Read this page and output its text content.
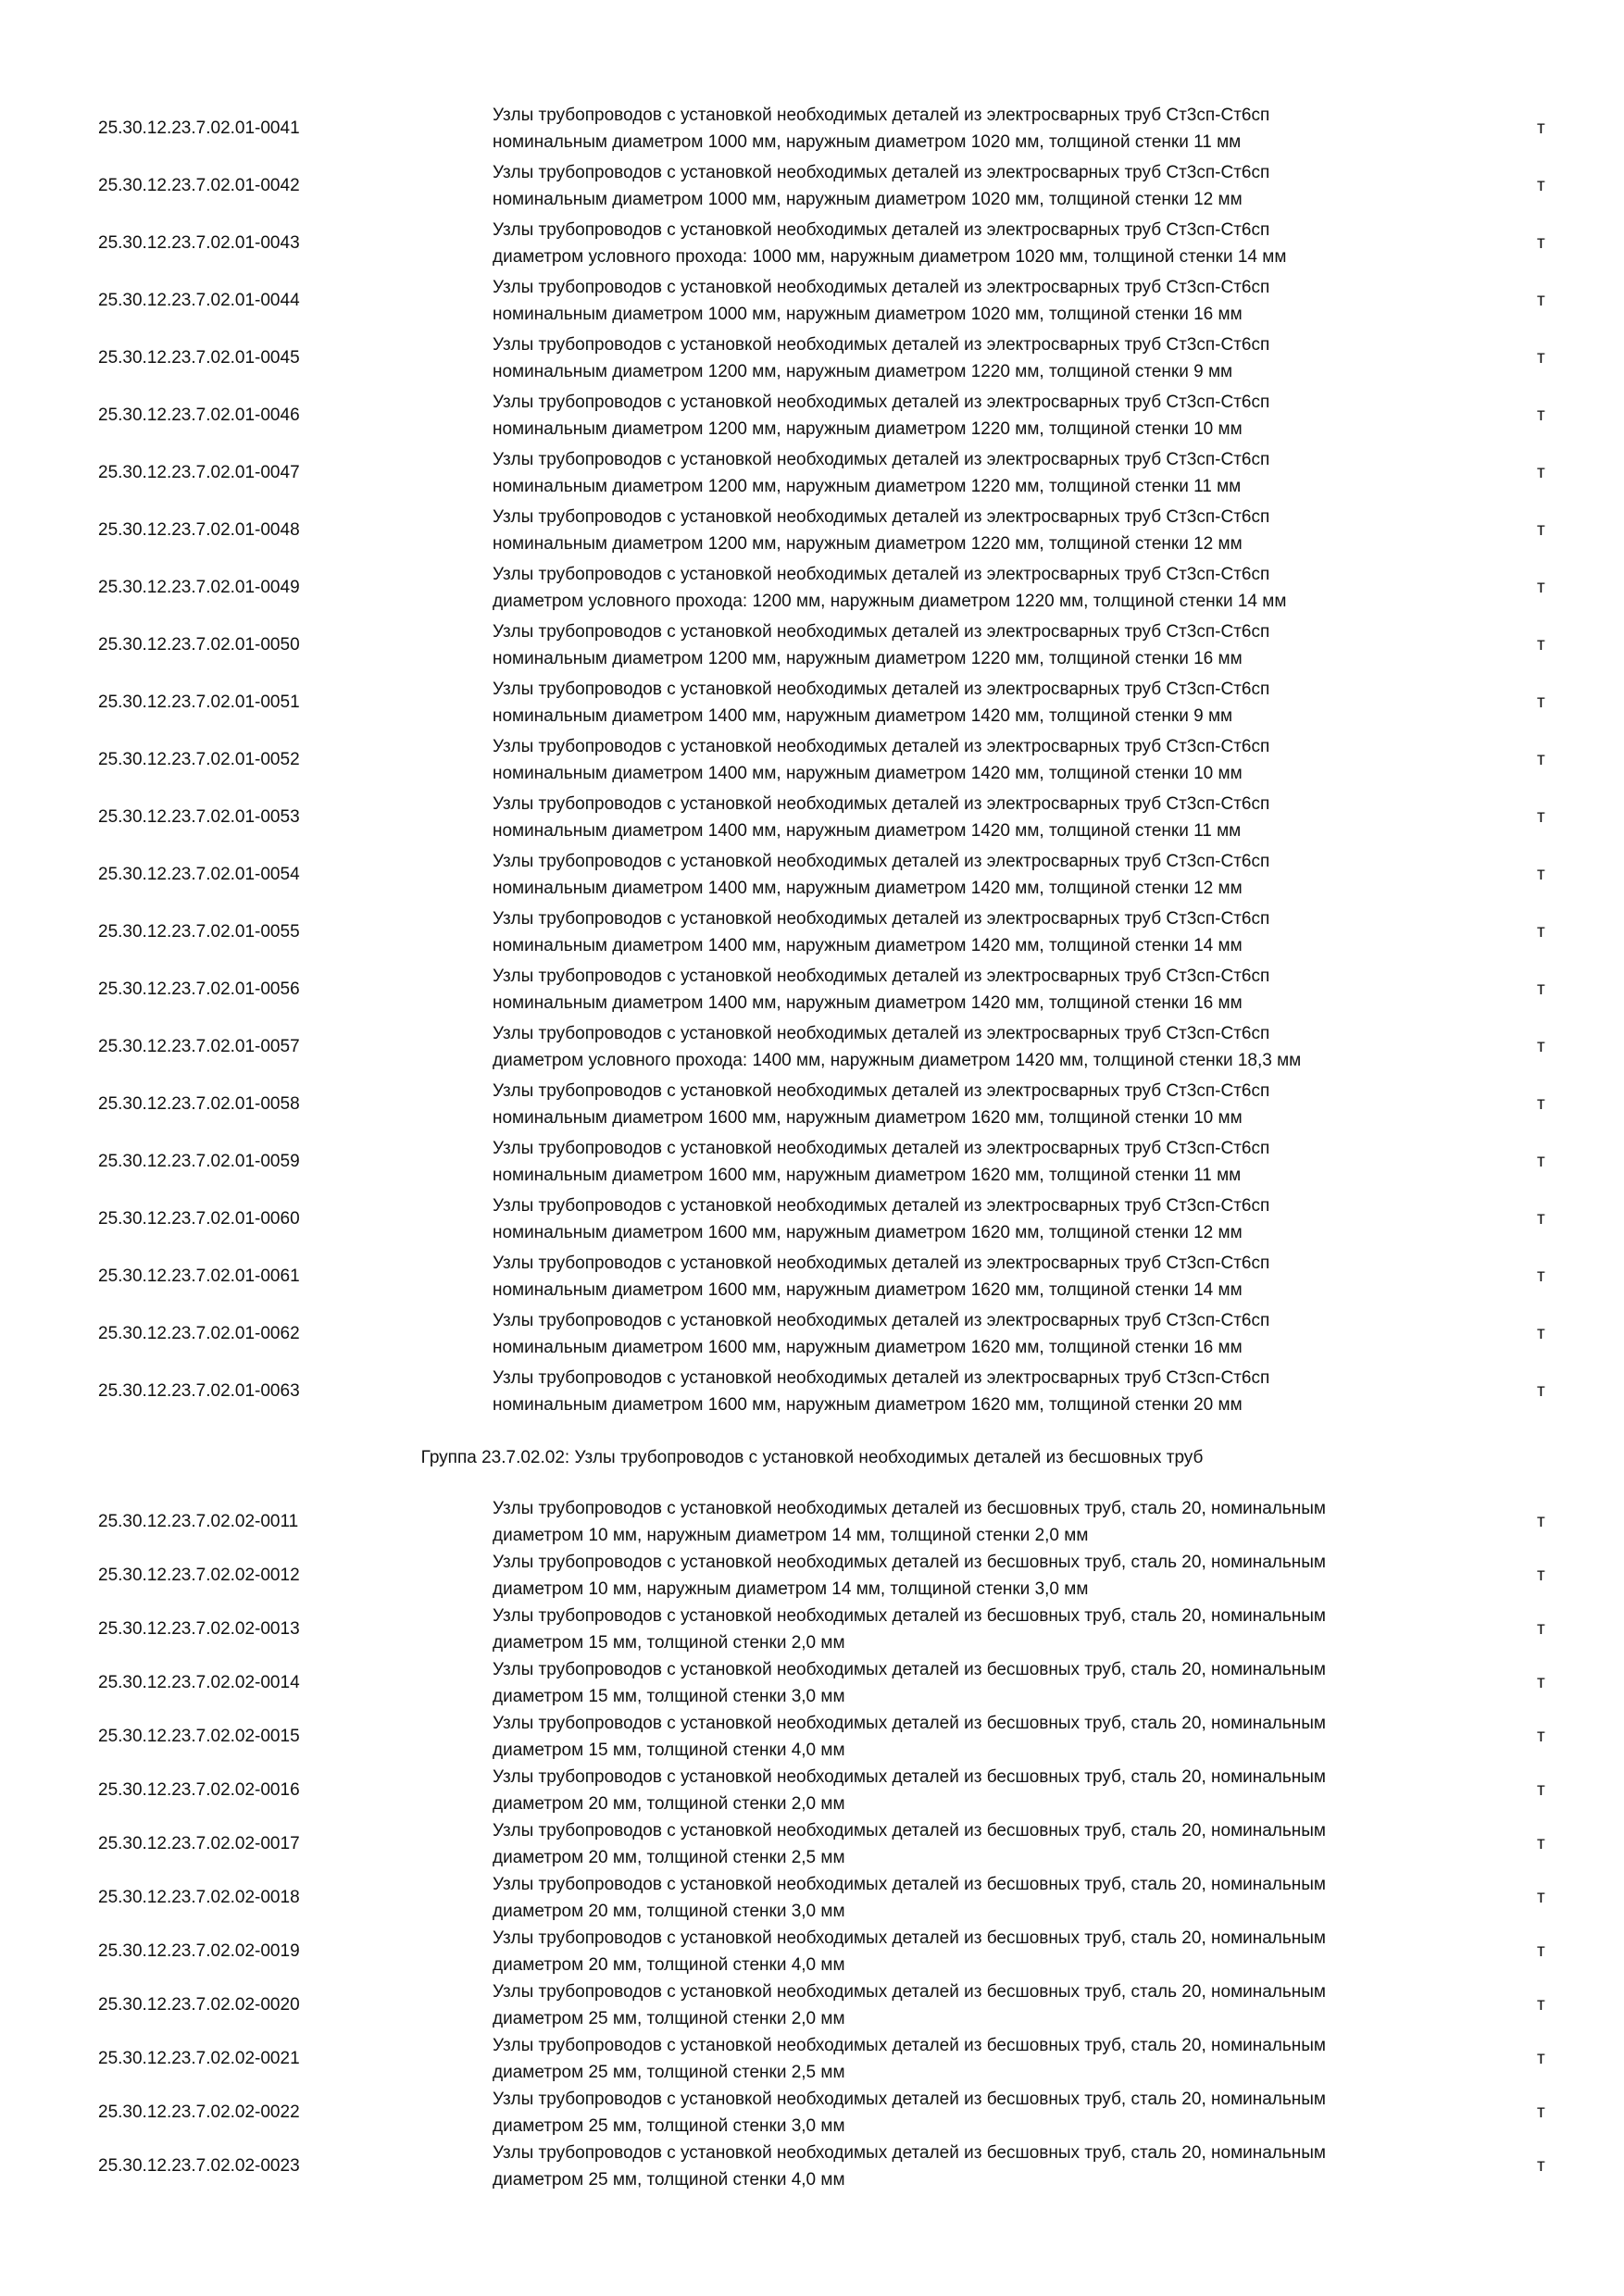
25.30.12.23.7.02.01-0041
Узлы трубопроводов с установкой необходимых деталей из электросварных труб Ст3сп-Ст6сп
номинальным диаметром 1000 мм, наружным диаметром 1020 мм, толщиной стенки 11 мм
т
25.30.12.23.7.02.01-0042
Узлы трубопроводов с установкой необходимых деталей из электросварных труб Ст3сп-Ст6сп
номинальным диаметром 1000 мм, наружным диаметром 1020 мм, толщиной стенки 12 мм
т
25.30.12.23.7.02.01-0043
Узлы трубопроводов с установкой необходимых деталей из электросварных труб Ст3сп-Ст6сп
диаметром условного прохода: 1000 мм, наружным диаметром 1020 мм, толщиной стенки 14 мм
т
25.30.12.23.7.02.01-0044
Узлы трубопроводов с установкой необходимых деталей из электросварных труб Ст3сп-Ст6сп
номинальным диаметром 1000 мм, наружным диаметром 1020 мм, толщиной стенки 16 мм
т
25.30.12.23.7.02.01-0045
Узлы трубопроводов с установкой необходимых деталей из электросварных труб Ст3сп-Ст6сп
номинальным диаметром 1200 мм, наружным диаметром 1220 мм, толщиной стенки 9 мм
т
25.30.12.23.7.02.01-0046
Узлы трубопроводов с установкой необходимых деталей из электросварных труб Ст3сп-Ст6сп
номинальным диаметром 1200 мм, наружным диаметром 1220 мм, толщиной стенки 10 мм
т
25.30.12.23.7.02.01-0047
Узлы трубопроводов с установкой необходимых деталей из электросварных труб Ст3сп-Ст6сп
номинальным диаметром 1200 мм, наружным диаметром 1220 мм, толщиной стенки 11 мм
т
25.30.12.23.7.02.01-0048
Узлы трубопроводов с установкой необходимых деталей из электросварных труб Ст3сп-Ст6сп
номинальным диаметром 1200 мм, наружным диаметром 1220 мм, толщиной стенки 12 мм
т
25.30.12.23.7.02.01-0049
Узлы трубопроводов с установкой необходимых деталей из электросварных труб Ст3сп-Ст6сп
диаметром условного прохода: 1200 мм, наружным диаметром 1220 мм, толщиной стенки 14 мм
т
25.30.12.23.7.02.01-0050
Узлы трубопроводов с установкой необходимых деталей из электросварных труб Ст3сп-Ст6сп
номинальным диаметром 1200 мм, наружным диаметром 1220 мм, толщиной стенки 16 мм
т
25.30.12.23.7.02.01-0051
Узлы трубопроводов с установкой необходимых деталей из электросварных труб Ст3сп-Ст6сп
номинальным диаметром 1400 мм, наружным диаметром 1420 мм, толщиной стенки 9 мм
т
25.30.12.23.7.02.01-0052
Узлы трубопроводов с установкой необходимых деталей из электросварных труб Ст3сп-Ст6сп
номинальным диаметром 1400 мм, наружным диаметром 1420 мм, толщиной стенки 10 мм
т
25.30.12.23.7.02.01-0053
Узлы трубопроводов с установкой необходимых деталей из электросварных труб Ст3сп-Ст6сп
номинальным диаметром 1400 мм, наружным диаметром 1420 мм, толщиной стенки 11 мм
т
25.30.12.23.7.02.01-0054
Узлы трубопроводов с установкой необходимых деталей из электросварных труб Ст3сп-Ст6сп
номинальным диаметром 1400 мм, наружным диаметром 1420 мм, толщиной стенки 12 мм
т
25.30.12.23.7.02.01-0055
Узлы трубопроводов с установкой необходимых деталей из электросварных труб Ст3сп-Ст6сп
номинальным диаметром 1400 мм, наружным диаметром 1420 мм, толщиной стенки 14 мм
т
25.30.12.23.7.02.01-0056
Узлы трубопроводов с установкой необходимых деталей из электросварных труб Ст3сп-Ст6сп
номинальным диаметром 1400 мм, наружным диаметром 1420 мм, толщиной стенки 16 мм
т
25.30.12.23.7.02.01-0057
Узлы трубопроводов с установкой необходимых деталей из электросварных труб Ст3сп-Ст6сп
диаметром условного прохода: 1400 мм, наружным диаметром 1420 мм, толщиной стенки 18,3 мм
т
25.30.12.23.7.02.01-0058
Узлы трубопроводов с установкой необходимых деталей из электросварных труб Ст3сп-Ст6сп
номинальным диаметром 1600 мм, наружным диаметром 1620 мм, толщиной стенки 10 мм
т
25.30.12.23.7.02.01-0059
Узлы трубопроводов с установкой необходимых деталей из электросварных труб Ст3сп-Ст6сп
номинальным диаметром 1600 мм, наружным диаметром 1620 мм, толщиной стенки 11 мм
т
25.30.12.23.7.02.01-0060
Узлы трубопроводов с установкой необходимых деталей из электросварных труб Ст3сп-Ст6сп
номинальным диаметром 1600 мм, наружным диаметром 1620 мм, толщиной стенки 12 мм
т
25.30.12.23.7.02.01-0061
Узлы трубопроводов с установкой необходимых деталей из электросварных труб Ст3сп-Ст6сп
номинальным диаметром 1600 мм, наружным диаметром 1620 мм, толщиной стенки 14 мм
т
25.30.12.23.7.02.01-0062
Узлы трубопроводов с установкой необходимых деталей из электросварных труб Ст3сп-Ст6сп
номинальным диаметром 1600 мм, наружным диаметром 1620 мм, толщиной стенки 16 мм
т
25.30.12.23.7.02.01-0063
Узлы трубопроводов с установкой необходимых деталей из электросварных труб Ст3сп-Ст6сп
номинальным диаметром 1600 мм, наружным диаметром 1620 мм, толщиной стенки 20 мм
т
Группа 23.7.02.02: Узлы трубопроводов с установкой необходимых деталей из бесшовных труб
25.30.12.23.7.02.02-0011
Узлы трубопроводов с установкой необходимых деталей из бесшовных труб, сталь 20, номинальным
диаметром 10 мм, наружным диаметром 14 мм, толщиной стенки 2,0 мм
т
25.30.12.23.7.02.02-0012
Узлы трубопроводов с установкой необходимых деталей из бесшовных труб, сталь 20, номинальным
диаметром 10 мм, наружным диаметром 14 мм, толщиной стенки 3,0 мм
т
25.30.12.23.7.02.02-0013
Узлы трубопроводов с установкой необходимых деталей из бесшовных труб, сталь 20, номинальным
диаметром 15 мм, толщиной стенки 2,0 мм
т
25.30.12.23.7.02.02-0014
Узлы трубопроводов с установкой необходимых деталей из бесшовных труб, сталь 20, номинальным
диаметром 15 мм, толщиной стенки 3,0 мм
т
25.30.12.23.7.02.02-0015
Узлы трубопроводов с установкой необходимых деталей из бесшовных труб, сталь 20, номинальным
диаметром 15 мм, толщиной стенки 4,0 мм
т
25.30.12.23.7.02.02-0016
Узлы трубопроводов с установкой необходимых деталей из бесшовных труб, сталь 20, номинальным
диаметром 20 мм, толщиной стенки 2,0 мм
т
25.30.12.23.7.02.02-0017
Узлы трубопроводов с установкой необходимых деталей из бесшовных труб, сталь 20, номинальным
диаметром 20 мм, толщиной стенки 2,5 мм
т
25.30.12.23.7.02.02-0018
Узлы трубопроводов с установкой необходимых деталей из бесшовных труб, сталь 20, номинальным
диаметром 20 мм, толщиной стенки 3,0 мм
т
25.30.12.23.7.02.02-0019
Узлы трубопроводов с установкой необходимых деталей из бесшовных труб, сталь 20, номинальным
диаметром 20 мм, толщиной стенки 4,0 мм
т
25.30.12.23.7.02.02-0020
Узлы трубопроводов с установкой необходимых деталей из бесшовных труб, сталь 20, номинальным
диаметром 25 мм, толщиной стенки 2,0 мм
т
25.30.12.23.7.02.02-0021
Узлы трубопроводов с установкой необходимых деталей из бесшовных труб, сталь 20, номинальным
диаметром 25 мм, толщиной стенки 2,5 мм
т
25.30.12.23.7.02.02-0022
Узлы трубопроводов с установкой необходимых деталей из бесшовных труб, сталь 20, номинальным
диаметром 25 мм, толщиной стенки 3,0 мм
т
25.30.12.23.7.02.02-0023
Узлы трубопроводов с установкой необходимых деталей из бесшовных труб, сталь 20, номинальным
диаметром 25 мм, толщиной стенки 4,0 мм
т
